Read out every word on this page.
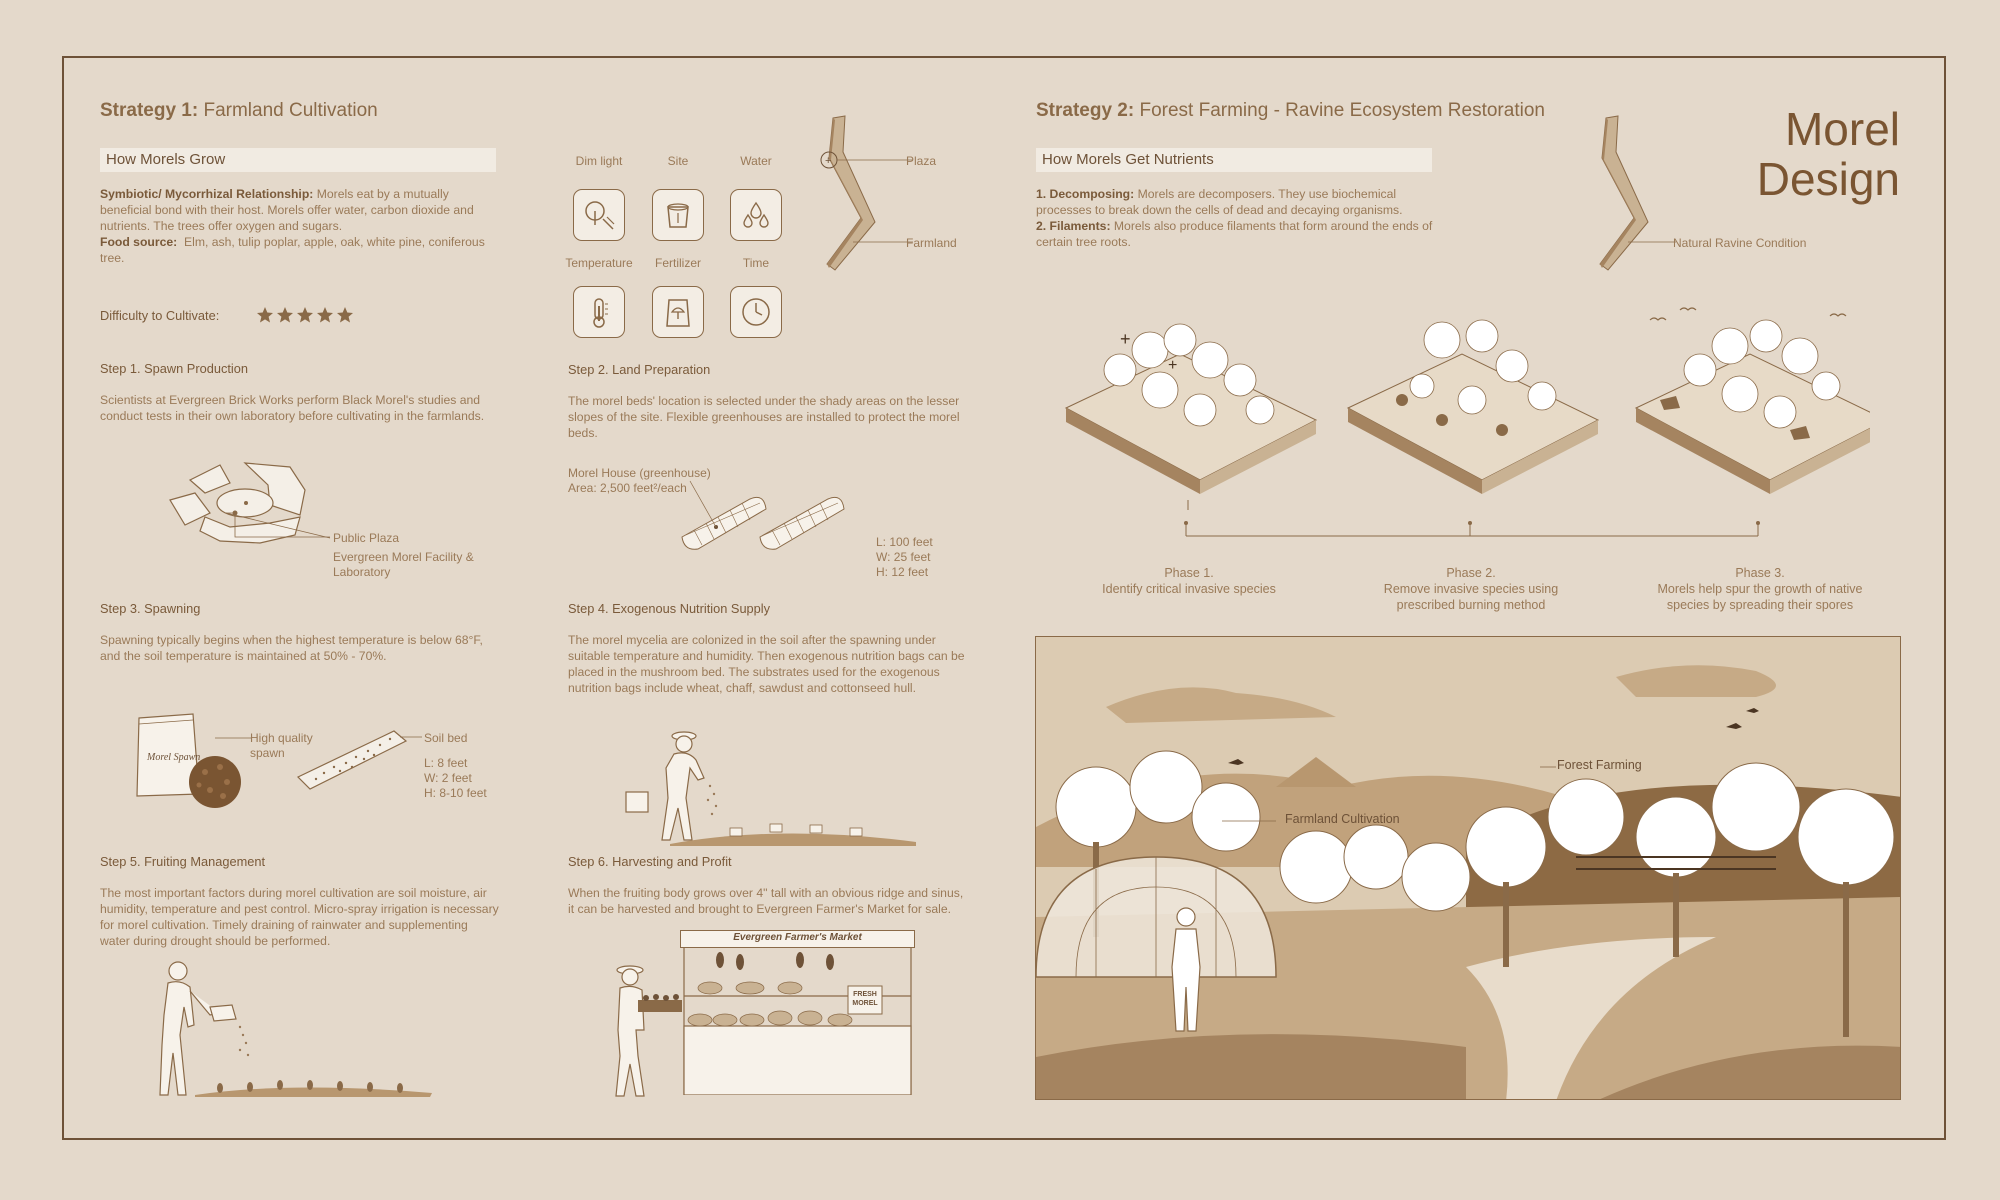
Strategy 1: Farmland Cultivation
How Morels Grow
Symbiotic/ Mycorrhizal Relationship: Morels eat by a mutually beneficial bond with their host. Morels offer water, carbon dioxide and nutrients. The trees offer oxygen and sugars.
Food source: Elm, ash, tulip poplar, apple, oak, white pine, coniferous tree.
Difficulty to Cultivate:
Step 1. Spawn Production
Scientists at Evergreen Brick Works perform Black Morel's studies and conduct tests in their own laboratory before cultivating in the farmlands.
Public Plaza
Evergreen Morel Facility & Laboratory
Step 3. Spawning
Spawning typically begins when the highest temperature is below 68°F, and the soil temperature is maintained at 50% - 70%.
Morel Spawn
High quality spawn
Soil bed
L: 8 feet
W: 2 feet
H: 8-10 feet
Step 5. Fruiting Management
The most important factors during morel cultivation are soil moisture, air humidity, temperature and pest control. Micro-spray irrigation is necessary for morel cultivation. Timely draining of rainwater and supplementing water during drought should be performed.
Dim light	Site	Water
Temperature	Fertilizer	Time
+	Plaza
Farmland
Step 2. Land Preparation
The morel beds' location is selected under the shady areas on the lesser slopes of the site. Flexible greenhouses are installed to protect the morel beds.
Morel House (greenhouse)
Area: 2,500 feet²/each
L: 100 feet
W: 25 feet
H: 12 feet
Step 4. Exogenous Nutrition Supply
The morel mycelia are colonized in the soil after the spawning under suitable temperature and humidity. Then exogenous nutrition bags can be placed in the mushroom bed. The substrates used for the exogenous nutrition bags include wheat, chaff, sawdust and cottonseed hull.
Step 6. Harvesting and Profit
When the fruiting body grows over 4" tall with an obvious ridge and sinus, it can be harvested and brought to Evergreen Farmer's Market for sale.
Evergreen Farmer's Market
FRESH MOREL
Strategy 2: Forest Farming - Ravine Ecosystem Restoration	Morel
Design
How Morels Get Nutrients
1. Decomposing: Morels are decomposers. They use biochemical processes to break down the cells of dead and decaying organisms.
2. Filaments: Morels also produce filaments that form around the ends of certain tree roots.	Natural Ravine Condition
+
+
Phase 1.
Identify critical invasive species
Phase 2.
Remove invasive species using prescribed burning method
Phase 3.
Morels help spur the growth of native species by spreading their spores
Forest Farming
Farmland Cultivation
